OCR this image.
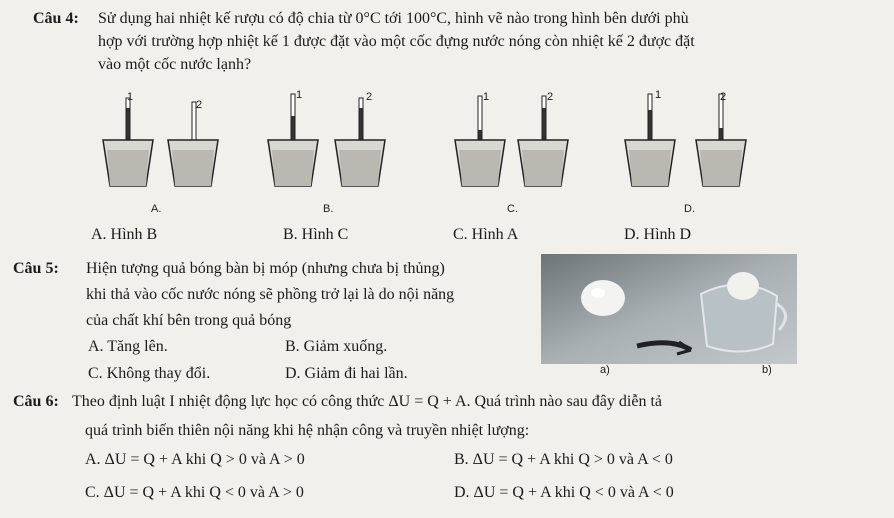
Câu 4: Sử dụng hai nhiệt kế rượu có độ chia từ 0°C tới 100°C, hình vẽ nào trong hình bên dưới phù
hợp với trường hợp nhiệt kế 1 được đặt vào một cốc đựng nước nóng còn nhiệt kế 2 được đặt
vào một cốc nước lạnh?
1
2
A.
1	2
B.
1	2
C.
1	2
D.
A. Hình B	B. Hình C	C. Hình A	D. Hình D
Câu 5: Hiện tượng quả bóng bàn bị móp (nhưng chưa bị thủng)
khi thả vào cốc nước nóng sẽ phồng trở lại là do nội năng
của chất khí bên trong quả bóng
A. Tăng lên.	B. Giảm xuống.
C. Không thay đổi.	D. Giảm đi hai lần.	a)	b)
Câu 6: Theo định luật I nhiệt động lực học có công thức ΔU = Q + A. Quá trình nào sau đây diễn tả
quá trình biến thiên nội năng khi hệ nhận công và truyền nhiệt lượng:
A. ΔU = Q + A khi Q > 0 và A > 0	B. ΔU = Q + A khi Q > 0 và A < 0
C. ΔU = Q + A khi Q < 0 và A > 0	D. ΔU = Q + A khi Q < 0 và A < 0
